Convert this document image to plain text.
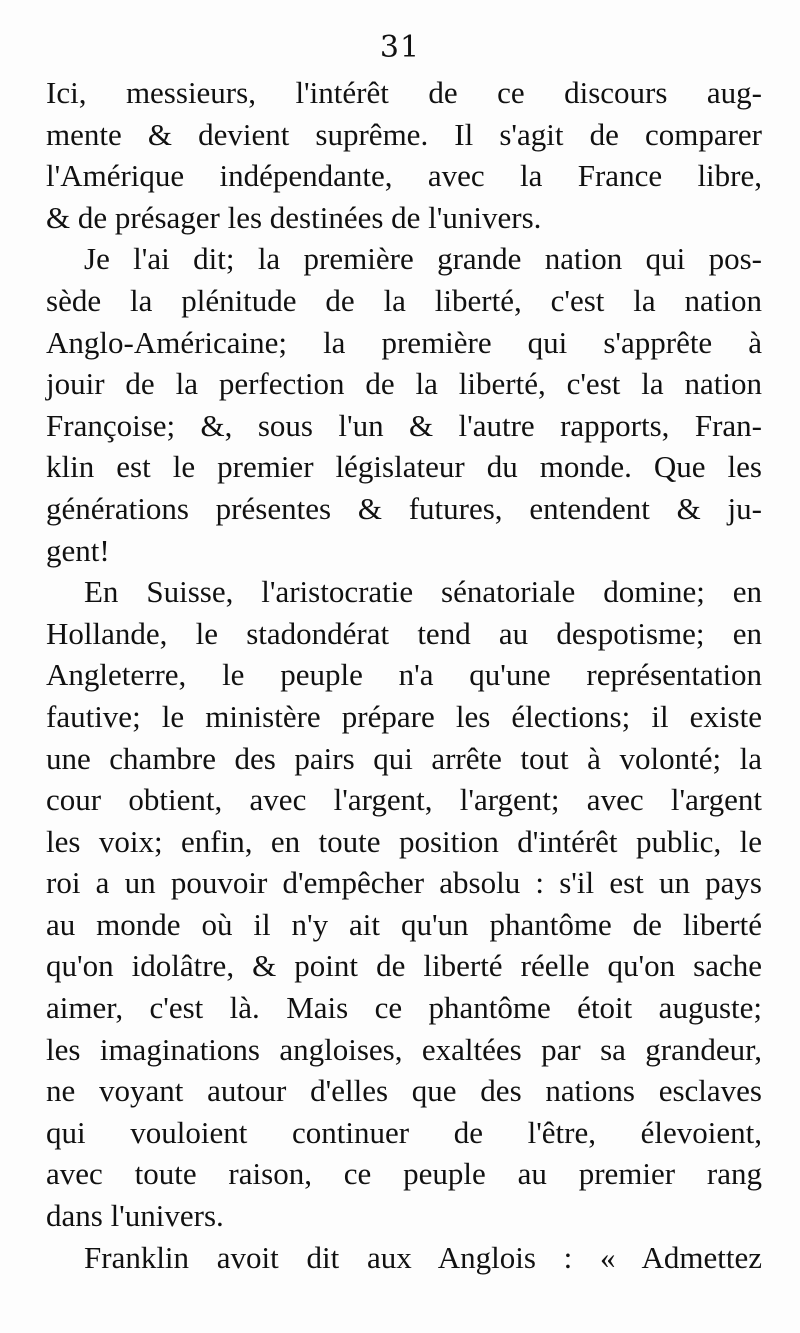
31
Ici, messieurs, l'intérêt de ce discours aug-
mente & devient suprême. Il s'agit de comparer
l'Amérique indépendante, avec la France libre,
& de présager les destinées de l'univers.
Je l'ai dit; la première grande nation qui pos-
sède la plénitude de la liberté, c'est la nation
Anglo-Américaine; la première qui s'apprête à
jouir de la perfection de la liberté, c'est la nation
Françoise; &, sous l'un & l'autre rapports, Fran-
klin est le premier législateur du monde. Que les
générations présentes & futures, entendent & ju-
gent!
En Suisse, l'aristocratie sénatoriale domine; en
Hollande, le stadondérat tend au despotisme; en
Angleterre, le peuple n'a qu'une représentation
fautive; le ministère prépare les élections; il existe
une chambre des pairs qui arrête tout à volonté; la
cour obtient, avec l'argent, l'argent; avec l'argent
les voix; enfin, en toute position d'intérêt public, le
roi a un pouvoir d'empêcher absolu : s'il est un pays
au monde où il n'y ait qu'un phantôme de liberté
qu'on idolâtre, & point de liberté réelle qu'on sache
aimer, c'est là. Mais ce phantôme étoit auguste;
les imaginations angloises, exaltées par sa grandeur,
ne voyant autour d'elles que des nations esclaves
qui vouloient continuer de l'être, élevoient,
avec toute raison, ce peuple au premier rang
dans l'univers.
Franklin avoit dit aux Anglois : « Admettez
